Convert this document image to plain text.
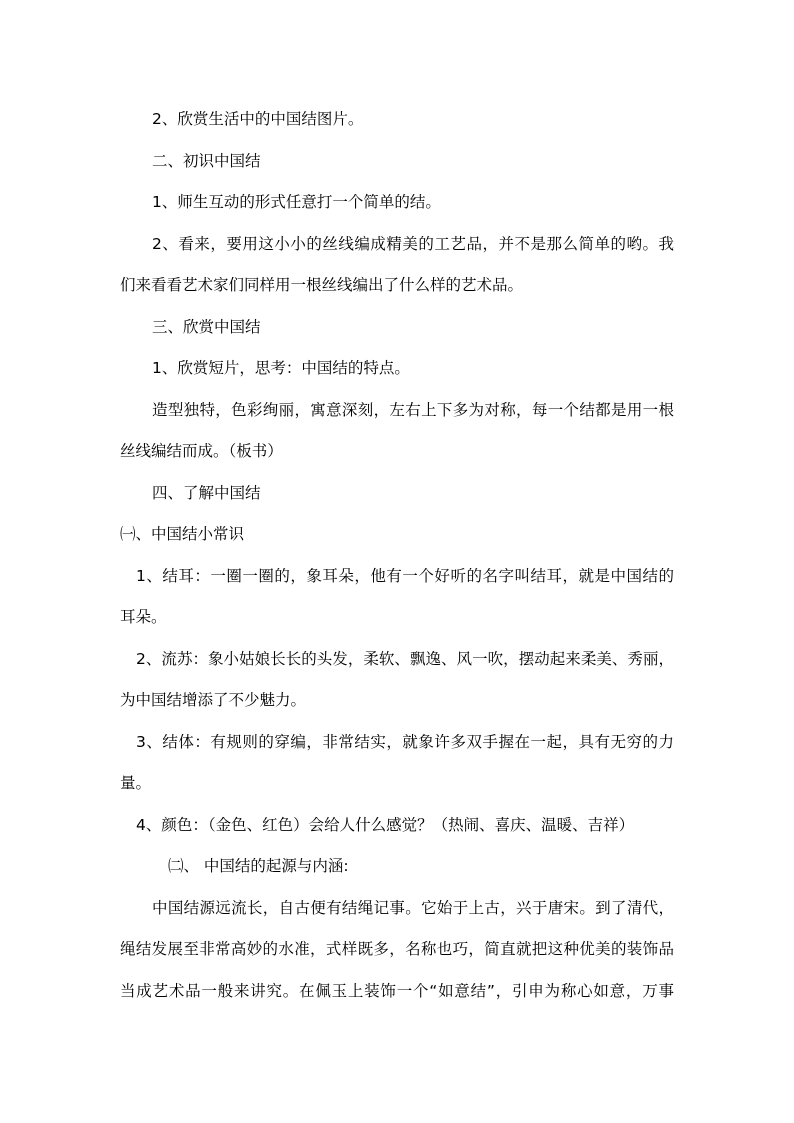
2、欣赏生活中的中国结图片。
二、初识中国结
1、师生互动的形式任意打一个简单的结。
2、看来，要用这小小的丝线编成精美的工艺品，并不是那么简单的哟。我
们来看看艺术家们同样用一根丝线编出了什么样的艺术品。
三、欣赏中国结
1、欣赏短片，思考：中国结的特点。
造型独特，色彩绚丽，寓意深刻，左右上下多为对称，每一个结都是用一根
丝线编结而成。（板书）
四、了解中国结
㈠、中国结小常识
1、结耳：一圈一圈的，象耳朵，他有一个好听的名字叫结耳，就是中国结的
耳朵。
2、流苏：象小姑娘长长的头发，柔软、飘逸、风一吹，摆动起来柔美、秀丽，
为中国结增添了不少魅力。
3、结体：有规则的穿编，非常结实，就象许多双手握在一起，具有无穷的力
量。
4、颜色：（金色、红色）会给人什么感觉？（热闹、喜庆、温暖、吉祥）
㈡、 中国结的起源与内涵:
中国结源远流长，自古便有结绳记事。它始于上古，兴于唐宋。到了清代，
绳结发展至非常高妙的水准，式样既多，名称也巧，简直就把这种优美的装饰品
当成艺术品一般来讲究。在佩玉上装饰一个“如意结”，引申为称心如意，万事
